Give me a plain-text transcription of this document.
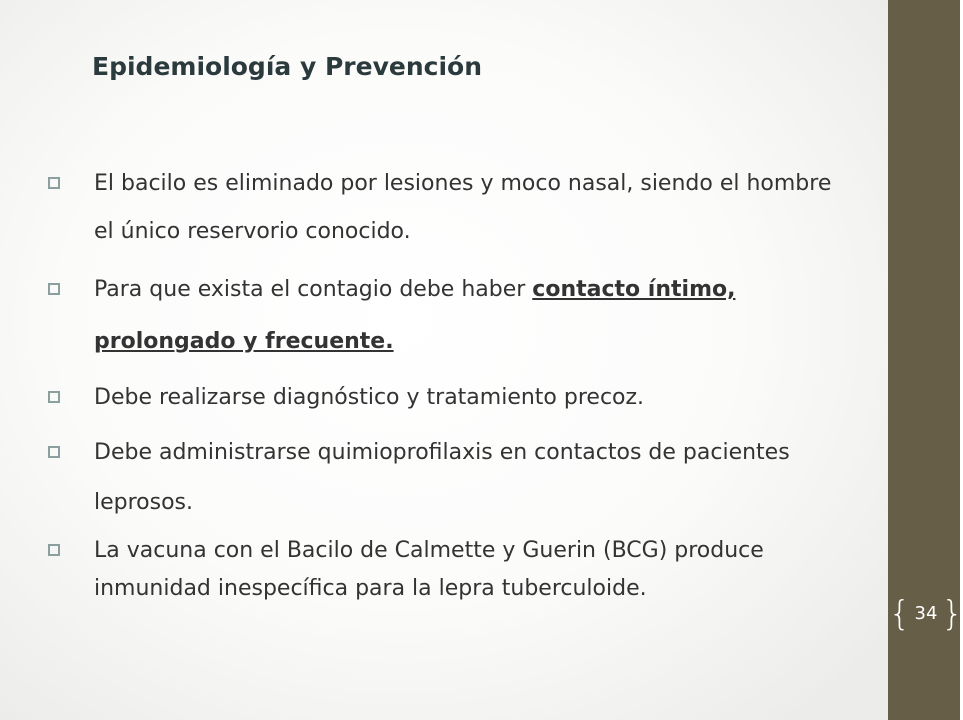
Epidemiología y Prevención
El bacilo es eliminado por lesiones y moco nasal, siendo el hombre el único reservorio conocido.
Para que exista el contagio debe haber contacto íntimo, prolongado y frecuente.
Debe realizarse diagnóstico y tratamiento precoz.
Debe administrarse quimioprofilaxis en contactos de pacientes leprosos.
La vacuna con el Bacilo de Calmette y Guerin (BCG) produce inmunidad inespecífica para la lepra tuberculoide.
{ 34 }
